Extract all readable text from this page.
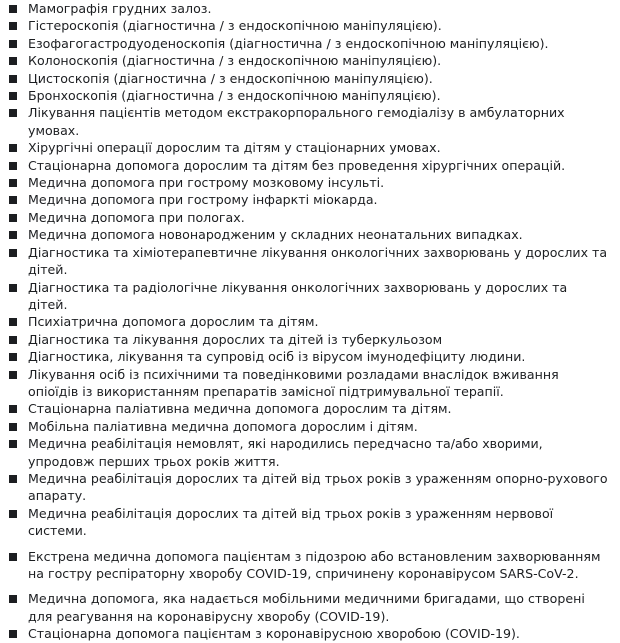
Мамографія грудних залоз.
Гістероскопія (діагностична / з ендоскопічною маніпуляцією).
Езофагогастродуоденоскопія (діагностична / з ендоскопічною маніпуляцією).
Колоноскопія (діагностична / з ендоскопічною маніпуляцією).
Цистоскопія (діагностична / з ендоскопічною маніпуляцією).
Бронхоскопія (діагностична / з ендоскопічною маніпуляцією).
Лікування пацієнтів методом екстракорпорального гемодіалізу в амбулаторних умовах.
Хірургічні операції дорослим та дітям у стаціонарних умовах.
Стаціонарна допомога дорослим та дітям без проведення хірургічних операцій.
Медична допомога при гострому мозковому інсульті.
Медична допомога при гострому інфаркті міокарда.
Медична допомога при пологах.
Медична допомога новонародженим у складних неонатальних випадках.
Діагностика та хіміотерапевтичне лікування онкологічних захворювань у дорослих та дітей.
Діагностика та радіологічне лікування онкологічних захворювань у дорослих та дітей.
Психіатрична допомога дорослим та дітям.
Діагностика та лікування дорослих та дітей із туберкульозом
Діагностика, лікування та супровід осіб із вірусом імунодефіциту людини.
Лікування осіб із психічними та поведінковими розладами внаслідок вживання опіоїдів із використанням препаратів замісної підтримувальної терапії.
Стаціонарна паліативна медична допомога дорослим та дітям.
Мобільна паліативна медична допомога дорослим і дітям.
Медична реабілітація немовлят, які народились передчасно та/або хворими, упродовж перших трьох років життя.
Медична реабілітація дорослих та дітей від трьох років з ураженням опорно-рухового апарату.
Медична реабілітація дорослих та дітей від трьох років з ураженням нервової системи.
Екстрена медична допомога пацієнтам з підозрою або встановленим захворюванням на гостру респіраторну хворобу COVID-19, спричинену коронавірусом SARS-CoV-2.
Медична допомога, яка надається мобільними медичними бригадами, що створені для реагування на коронавірусну хворобу (COVID-19).
Стаціонарна допомога пацієнтам з коронавірусною хворобою (COVID-19).
